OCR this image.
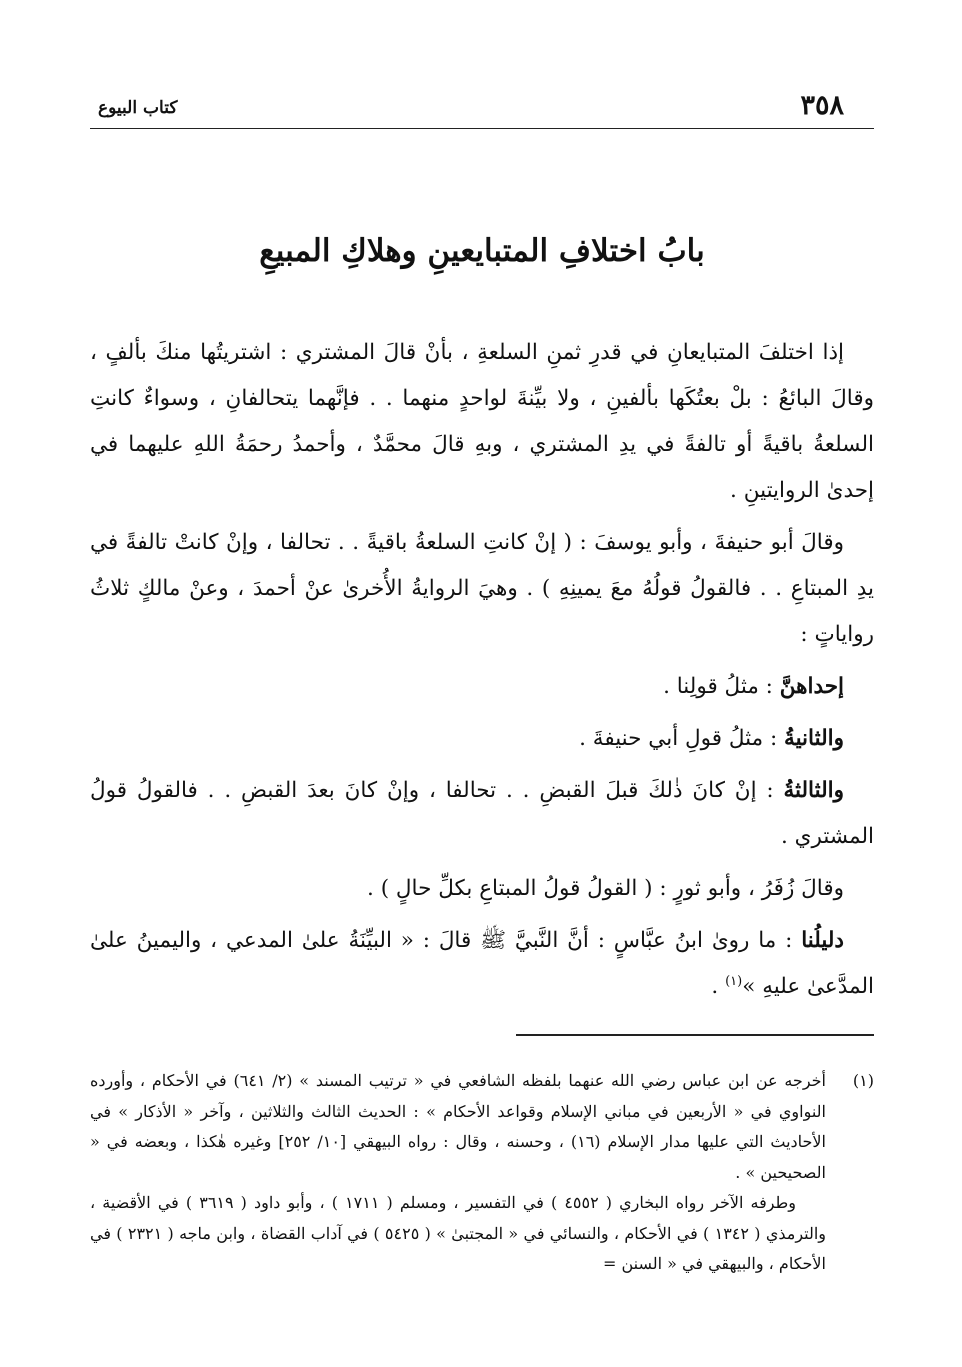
٣٥٨
كتاب البيوع
بابُ اختلافِ المتبايعينِ وهلاكِ المبيعِ

إذا اختلفَ المتبايعانِ في قدرِ ثمنِ السلعةِ ، بأنْ قالَ المشتري : اشتريتُها منكَ بألفٍ ، وقالَ البائعُ : بلْ بعتُكَها بألفينِ ، ولا بيِّنةَ لواحدٍ منهما . . فإنَّهما يتحالفانِ ، وسواءٌ كانتِ السلعةُ باقيةً أو تالفةً في يدِ المشتري ، وبهِ قالَ محمَّدٌ ، وأحمدُ رحمَةُ اللهِ عليهما في إحدىٰ الروايتينِ .

وقالَ أبو حنيفةَ ، وأبو يوسفَ : ( إنْ كانتِ السلعةُ باقيةً . . تحالفا ، وإنْ كانتْ تالفةً في يدِ المبتاعِ . . فالقولُ قولُهُ معَ يمينِهِ ) . وهيَ الروايةُ الأُخرىٰ عنْ أحمدَ ، وعنْ مالكٍ ثلاثُ رواياتٍ :

إحداهنَّ : مثلُ قولِنا .

والثانيةُ : مثلُ قولِ أبي حنيفةَ .

والثالثةُ : إنْ كانَ ذٰلكَ قبلَ القبضِ . . تحالفا ، وإنْ كانَ بعدَ القبضِ . . فالقولُ قولُ المشتري .

وقالَ زُفَرُ ، وأبو ثورٍ : ( القولُ قولُ المبتاعِ بكلِّ حالٍ ) .

دليلُنا : ما روىٰ ابنُ عبَّاسٍ : أنَّ النَّبيَّ ﷺ قالَ : « البيِّنَةُ علىٰ المدعي ، واليمينُ علىٰ المدَّعىٰ عليهِ »$^{(١)}$ .

(١)

أخرجه عن ابن عباس رضي الله عنهما بلفظه الشافعي في « ترتيب المسند » (٢/ ٦٤١) في الأحكام ، وأورده النواوي في « الأربعين في مباني الإسلام وقواعد الأحكام » : الحديث الثالث والثلاثين ، وآخر « الأذكار » في الأحاديث التي عليها مدار الإسلام (١٦) ، وحسنه ، وقال : رواه البيهقي [١٠/ ٢٥٢] وغيره هٰكذا ، وبعضه في « الصحيحين » .

وطرفه الآخر رواه البخاري ( ٤٥٥٢ ) في التفسير ، ومسلم ( ١٧١١ ) ، وأبو داود ( ٣٦١٩ ) في الأقضية ، والترمذي ( ١٣٤٢ ) في الأحكام ، والنسائي في « المجتبىٰ » ( ٥٤٢٥ ) في آداب القضاة ، وابن ماجه ( ٢٣٢١ ) في الأحكام ، والبيهقي في « السنن =
